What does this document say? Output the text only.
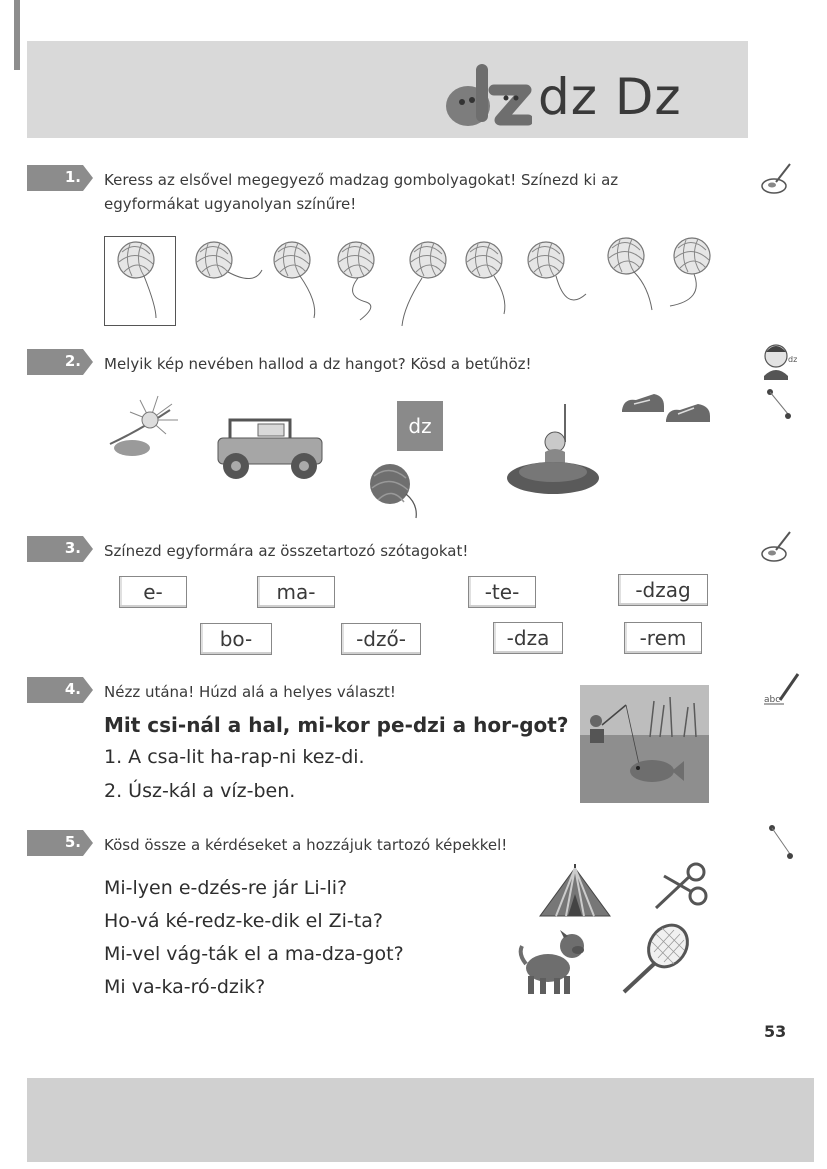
dz Dz
1. Keress az elsővel megegyező madzag gombolyagokat! Színezd ki az
egyformákat ugyanolyan színűre!
2. Melyik kép nevében hallod a dz hangot? Kösd a betűhöz!	dz
dz
3. Színezd egyformára az összetartozó szótagokat!
e-	ma-	-te-	-dzag
bo-	-dző-	-dza	-rem
4. Nézz utána! Húzd alá a helyes választ!	abc
Mit csi-nál a hal, mi-kor pe-dzi a hor-got?
1. A csa-lit ha-rap-ni kez-di.
2. Úsz-kál a víz-ben.
5. Kösd össze a kérdéseket a hozzájuk tartozó képekkel!
Mi-lyen e-dzés-re jár Li-li?
Ho-vá ké-redz-ke-dik el Zi-ta?
Mi-vel vág-ták el a ma-dza-got?
Mi va-ka-ró-dzik?
53
